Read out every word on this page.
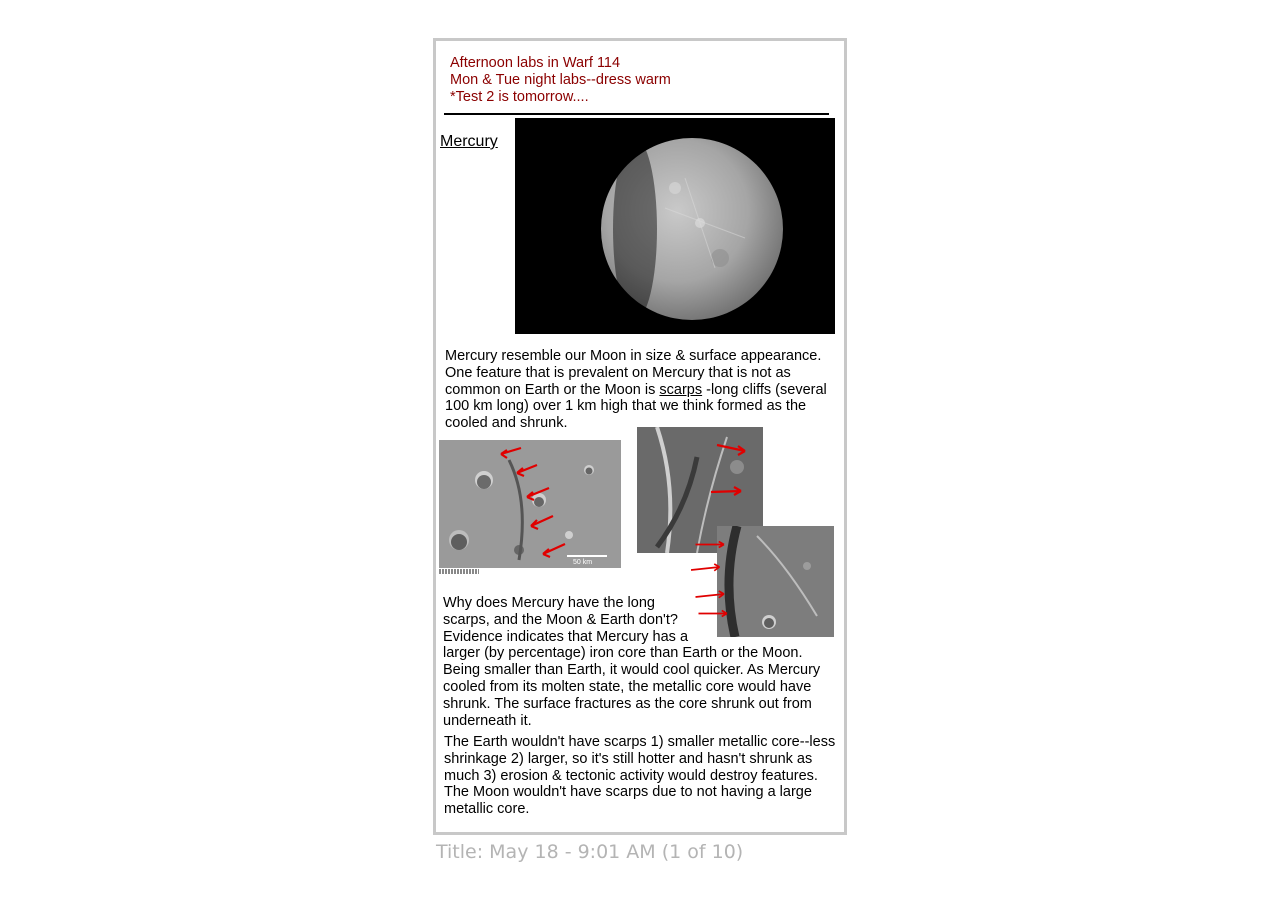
Afternoon labs in Warf 114
Mon & Tue night labs--dress warm
*Test 2 is tomorrow....
Mercury
Mercury resemble our Moon in size & surface appearance. One feature that is prevalent on Mercury that is not as common on Earth or the Moon is scarps -long cliffs (several 100 km long) over 1 km high that we think formed as the cooled and shrunk.
50 km
Why does Mercury have the long scarps, and the Moon & Earth don't? Evidence indicates that Mercury has a larger (by percentage) iron core than Earth or the Moon. Being smaller than Earth, it would cool quicker. As Mercury cooled from its molten state, the metallic core would have shrunk. The surface fractures as the core shrunk out from underneath it.
The Earth wouldn't have scarps 1) smaller metallic core--less shrinkage 2) larger, so it's still hotter and hasn't shrunk as much 3) erosion & tectonic activity would destroy features. The Moon wouldn't have scarps due to not having a large metallic core.
Title: May 18 - 9:01 AM (1 of 10)
